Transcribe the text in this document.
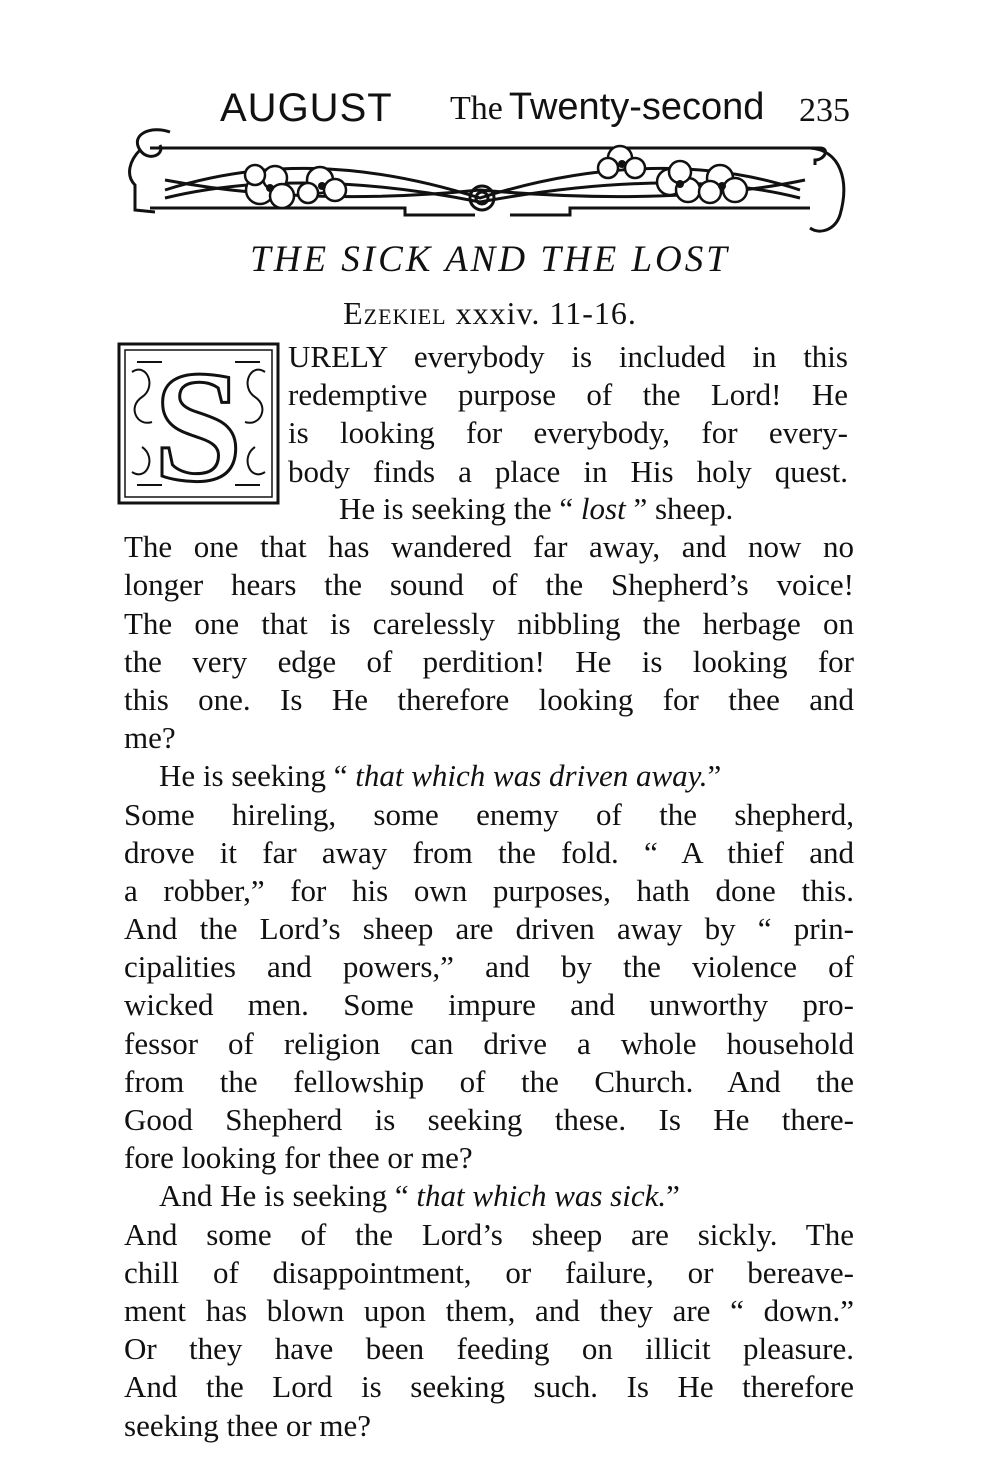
AUGUST The Twenty-second 235
THE SICK AND THE LOST
Ezekiel xxxiv. 11-16.
S URELY everybody is included in this
redemptive purpose of the Lord! He
is looking for everybody, for every-
body finds a place in His holy quest.
He is seeking the “ lost ” sheep.
The one that has wandered far away, and now no
longer hears the sound of the Shepherd’s voice!
The one that is carelessly nibbling the herbage on
the very edge of perdition! He is looking for
this one. Is He therefore looking for thee and
me?
He is seeking “ that which was driven away.”
Some hireling, some enemy of the shepherd,
drove it far away from the fold. “ A thief and
a robber,” for his own purposes, hath done this.
And the Lord’s sheep are driven away by “ prin-
cipalities and powers,” and by the violence of
wicked men. Some impure and unworthy pro-
fessor of religion can drive a whole household
from the fellowship of the Church. And the
Good Shepherd is seeking these. Is He there-
fore looking for thee or me?
And He is seeking “ that which was sick.”
And some of the Lord’s sheep are sickly. The
chill of disappointment, or failure, or bereave-
ment has blown upon them, and they are “ down.”
Or they have been feeding on illicit pleasure.
And the Lord is seeking such. Is He therefore
seeking thee or me?
